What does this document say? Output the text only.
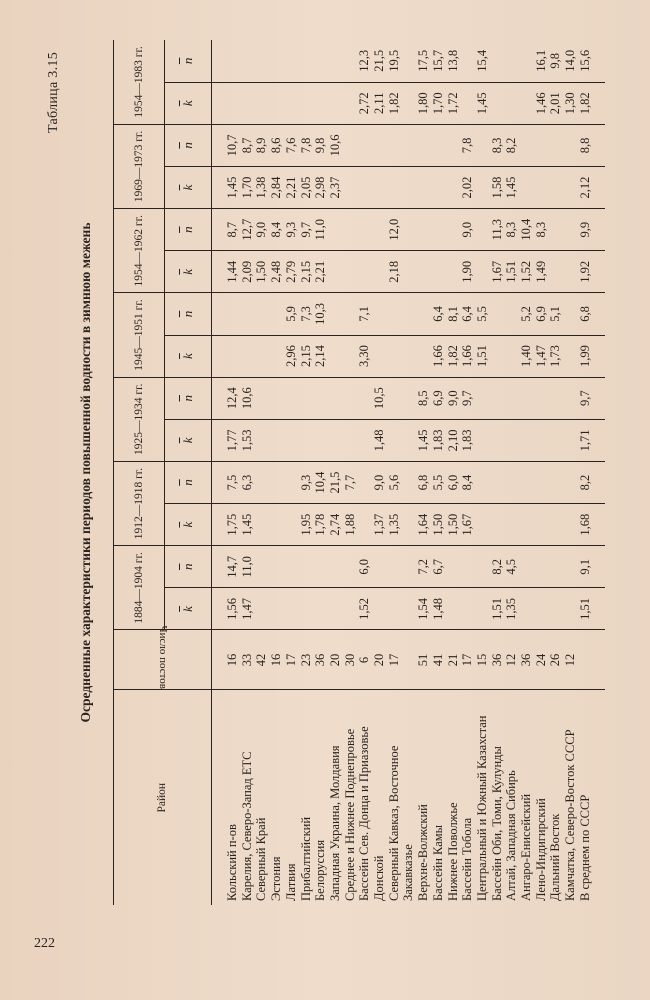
222
Таблица 3.15
Осредненные характеристики периодов повышенной водности в зимнюю межень
Район	Число постов	1884—1904 гг.		1912—1918 гг.		1925—1934 гг.		1945—1951 гг.		1954—1962 гг.		1969—1973 гг.		1954—1983 гг.	
		$\overline{k}$	$\overline{n}$	$\overline{k}$	$\overline{n}$	$\overline{k}$	$\overline{n}$	$\overline{k}$	$\overline{n}$	$\overline{k}$	$\overline{n}$	$\overline{k}$	$\overline{n}$	$\overline{k}$	$\overline{n}$
Кольский п-ов	16	1,56	14,7	1,75	7,5	1,77	12,4			1,44	8,7	1,45	10,7		
Карелия, Северо-Запад ЕТС	33	1,47	11,0	1,45	6,3	1,53	10,6			2,09	12,7	1,70	8,7		
Северный Край	42									1,50	9,0	1,38	8,9		
Эстония	16									2,48	8,4	2,84	8,6		
Латвия	17							2,96	5,9	2,79	9,3	2,21	7,6		
Прибалтийский	23			1,95	9,3			2,15	7,3	2,15	9,7	2,05	7,8		
Белоруссия	36			1,78	10,4			2,14	10,3	2,21	11,0	2,98	9,8		
Западная Украина, Молдавия	20			2,74	21,5							2,37	10,6		
Среднее и Нижнее Поднепровье	30			1,88	7,7										
Бассейн Сев. Донца и Приазовье	6	1,52	6,0					3,30	7,1					2,72	12,3
Донской	20			1,37	9,0	1,48	10,5							2,11	21,5
Северный Кавказ, Восточное Закавказье	17			1,35	5,6					2,18	12,0			1,82	19,5
Верхне-Волжский	51	1,54	7,2	1,64	6,8	1,45	8,5							1,80	17,5
Бассейн Камы	41	1,48	6,7	1,50	5,5	1,83	6,9	1,66	6,4					1,70	15,7
Нижнее Поволжье	21			1,50	6,0	2,10	9,0	1,82	8,1					1,72	13,8
Бассейн Тобола	17			1,67	8,4	1,83	9,7	1,66	6,4	1,90	9,0	2,02	7,8		
Центральный и Южный Казахстан	15							1,51	5,5					1,45	15,4
Бассейн Оби, Томи, Кулунды	36	1,51	8,2							1,67	11,3	1,58	8,3		
Алтай, Западная Сибирь	12	1,35	4,5							1,51	8,3	1,45	8,2		
Ангаро-Енисейский	36							1,40	5,2	1,52	10,4				
Лено-Индигирский	24							1,47	6,9	1,49	8,3			1,46	16,1
Дальний Восток	26							1,73	5,1					2,01	9,8
Камчатка, Северо-Восток СССР	12													1,30	14,0
В среднем по СССР		1,51	9,1	1,68	8,2	1,71	9,7	1,99	6,8	1,92	9,9	2,12	8,8	1,82	15,6
